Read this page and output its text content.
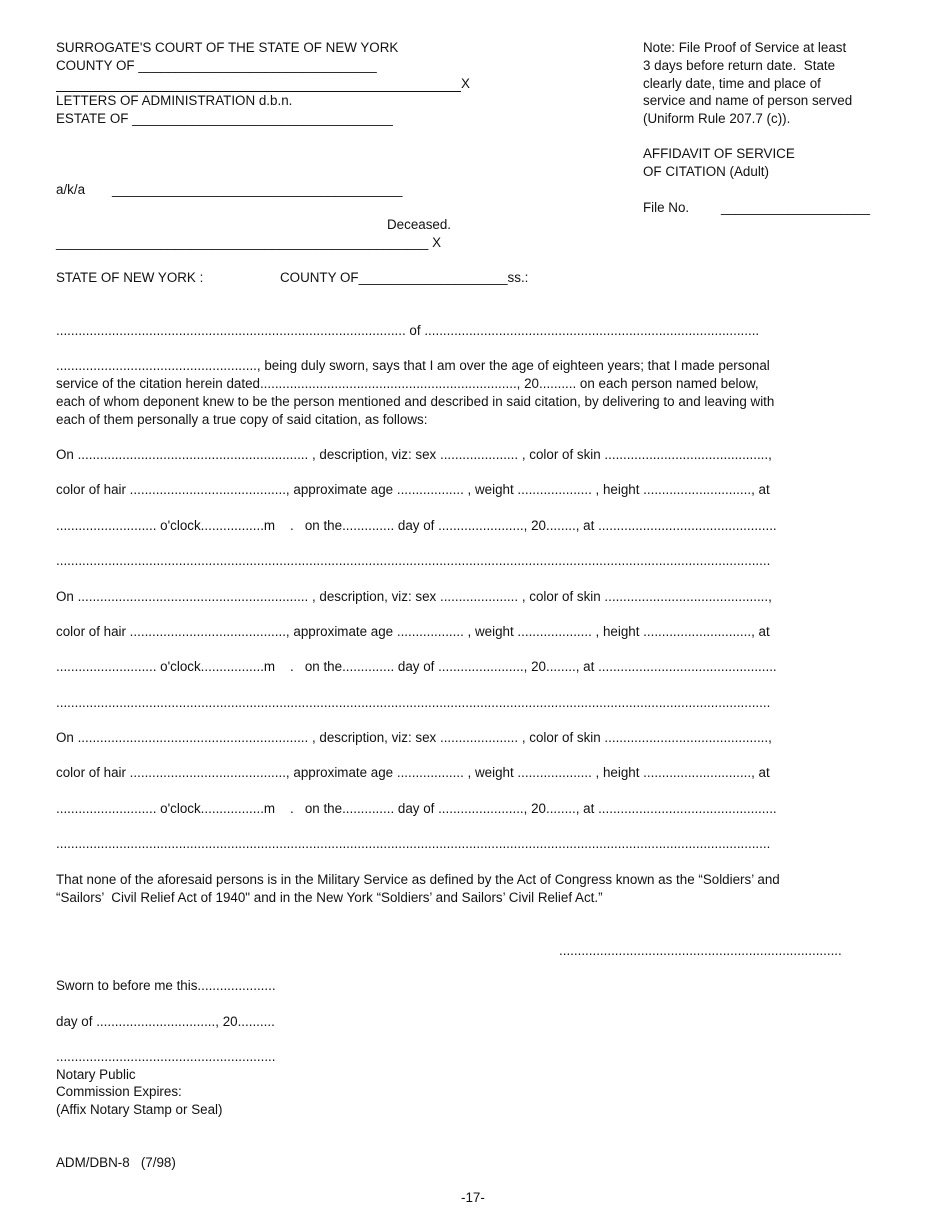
SURROGATE'S COURT OF THE STATE OF NEW YORK
COUNTY OF ________________________________
X
LETTERS OF ADMINISTRATION d.b.n.
ESTATE OF ___________________________________
a/k/a _______________________________________
Deceased.
__________________________________________________ X
Note: File Proof of Service at least
3 days before return date.  State
clearly date, time and place of
service and name of person served
(Uniform Rule 207.7 (c)).
AFFIDAVIT OF SERVICE
OF CITATION (Adult)
File No. ____________________
STATE OF NEW YORK :	COUNTY OF____________________ss.:
.............................................................................................. of ..........................................................................................
......................................................, being duly sworn, says that I am over the age of eighteen years; that I made personal
service of the citation herein dated....................................................................., 20.......... on each person named below,
each of whom deponent knew to be the person mentioned and described in said citation, by delivering to and leaving with
each of them personally a true copy of said citation, as follows:
On .............................................................. , description, viz: sex ..................... , color of skin ............................................,
color of hair .........................................., approximate age .................. , weight .................... , height ............................., at
........................... o'clock.................m    .   on the.............. day of ......................., 20........, at ................................................
................................................................................................................................................................................................
On .............................................................. , description, viz: sex ..................... , color of skin ............................................,
color of hair .........................................., approximate age .................. , weight .................... , height ............................., at
........................... o'clock.................m    .   on the.............. day of ......................., 20........, at ................................................
................................................................................................................................................................................................
On .............................................................. , description, viz: sex ..................... , color of skin ............................................,
color of hair .........................................., approximate age .................. , weight .................... , height ............................., at
........................... o'clock.................m    .   on the.............. day of ......................., 20........, at ................................................
................................................................................................................................................................................................
That none of the aforesaid persons is in the Military Service as defined by the Act of Congress known as the “Soldiers’ and
“Sailors’  Civil Relief Act of 1940" and in the New York “Soldiers’ and Sailors’ Civil Relief Act.”
............................................................................
Sworn to before me this.....................
day of ................................, 20..........
...........................................................
Notary Public
Commission Expires:
(Affix Notary Stamp or Seal)
ADM/DBN-8   (7/98)
-17-
